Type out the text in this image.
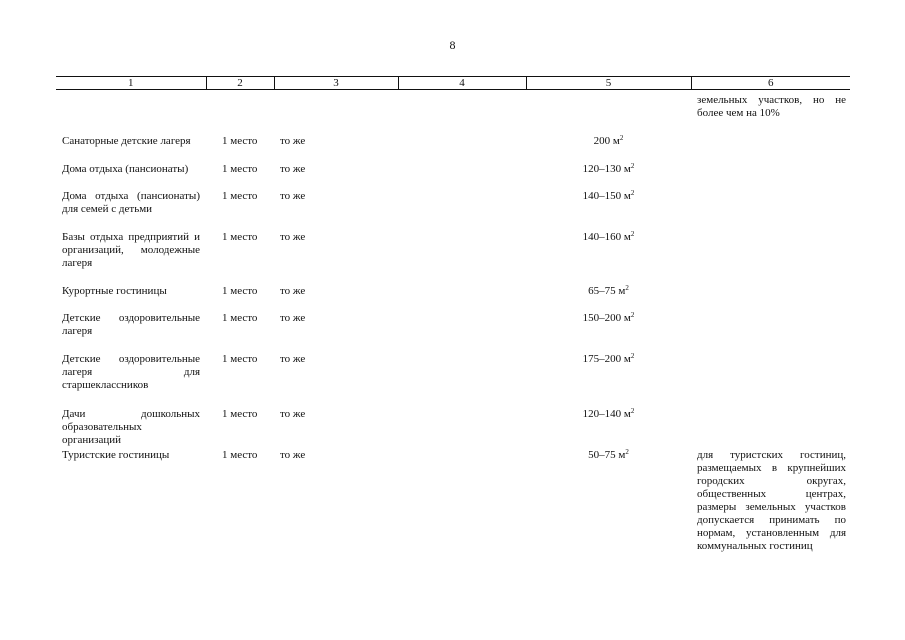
8
1	2	3	4	5	6
					земельных участков, но не более чем на 10%
Санаторные детские лагеря	1 место	то же		200 $м^2$	
Дома отдыха (пансионаты)	1 место	то же		120–130 $м^2$	
Дома отдыха (пансионаты) для семей с детьми	1 место	то же		140–150 $м^2$	
Базы отдыха предприятий и организаций, молодежные лагеря	1 место	то же		140–160 $м^2$	
Курортные гостиницы	1 место	то же		65–75 $м^2$	
Детские оздоровительные лагеря	1 место	то же		150–200 $м^2$	
Детские оздоровительные лагеря для старшеклассников	1 место	то же		175–200 $м^2$	
Дачи дошкольных образовательных организаций	1 место	то же		120–140 $м^2$	
Туристские гостиницы	1 место	то же		50–75 $м^2$	для туристских гостиниц, размещаемых в крупнейших городских округах, общественных центрах, размеры земельных участков допускается принимать по нормам, установленным для коммунальных гостиниц
